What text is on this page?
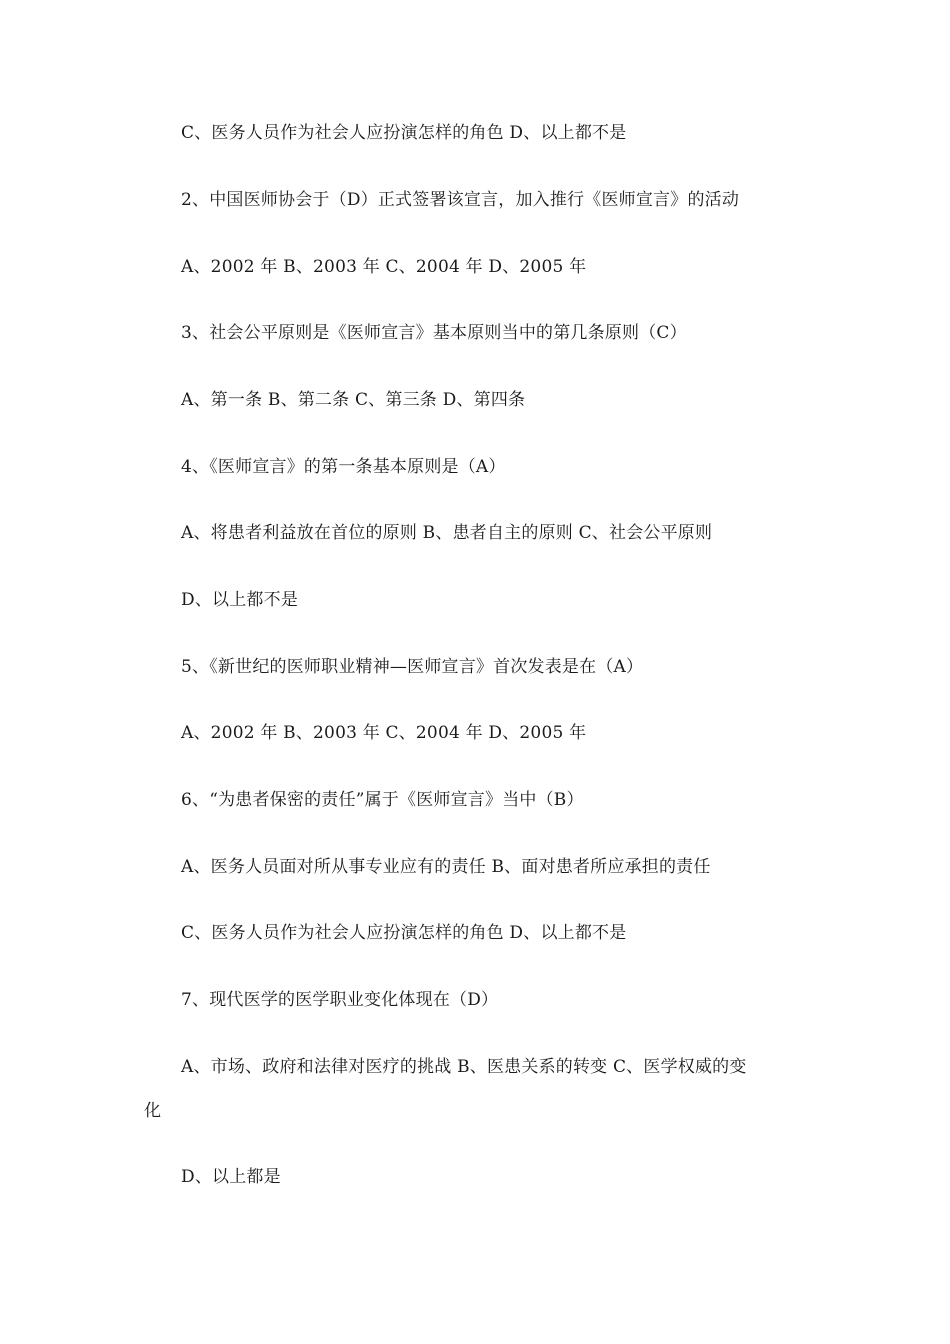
C、医务人员作为社会人应扮演怎样的角色 D、以上都不是
2、中国医师协会于（D）正式签署该宣言，加入推行《医师宣言》的活动
A、2002 年 B、2003 年 C、2004 年 D、2005 年
3、社会公平原则是《医师宣言》基本原则当中的第几条原则（C）
A、第一条 B、第二条 C、第三条 D、第四条
4、《医师宣言》的第一条基本原则是（A）
A、将患者利益放在首位的原则 B、患者自主的原则 C、社会公平原则
D、以上都不是
5、《新世纪的医师职业精神—医师宣言》首次发表是在（A）
A、2002 年 B、2003 年 C、2004 年 D、2005 年
6、“为患者保密的责任”属于《医师宣言》当中（B）
A、医务人员面对所从事专业应有的责任 B、面对患者所应承担的责任
C、医务人员作为社会人应扮演怎样的角色 D、以上都不是
7、现代医学的医学职业变化体现在（D）
A、市场、政府和法律对医疗的挑战 B、医患关系的转变 C、医学权威的变
化
D、以上都是
